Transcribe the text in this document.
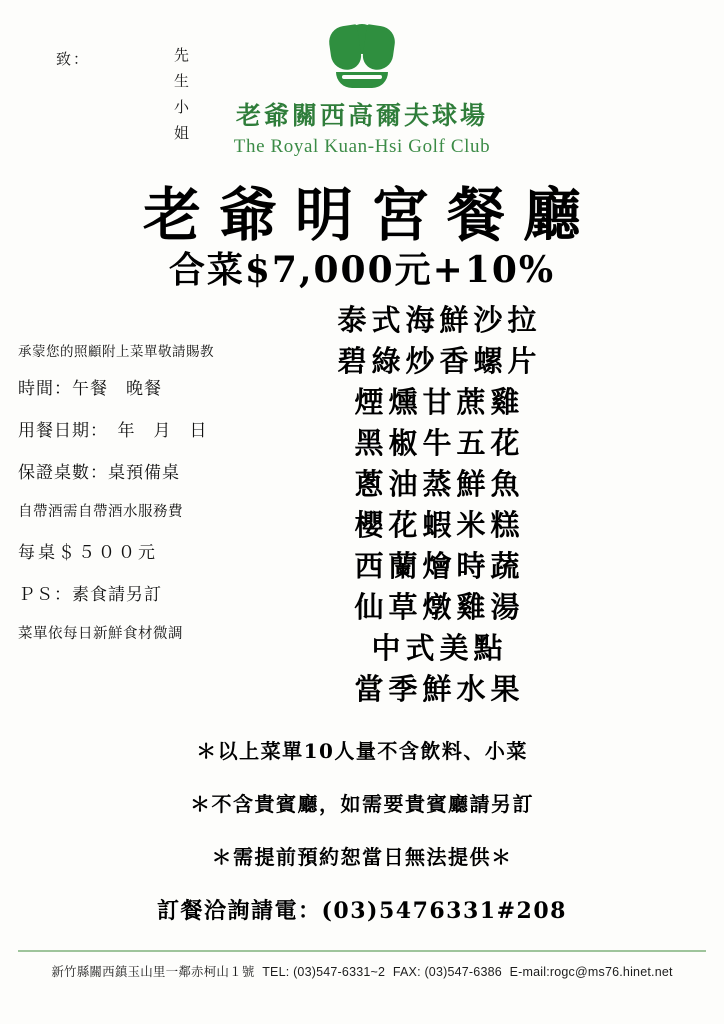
致：	先生
小姐
老爺關西高爾夫球場
The Royal Kuan-Hsi Golf Club
老爺明宮餐廳
合菜$7,000元+10%
承蒙您的照顧附上菜單敬請賜教
時間：午餐　晚餐
用餐日期：　年　月　日
保證桌數：桌預備桌
自帶酒需自帶酒水服務費
每桌＄５００元
ＰＳ：素食請另訂
菜單依每日新鮮食材微調
泰式海鮮沙拉
碧綠炒香螺片
煙燻甘蔗雞
黑椒牛五花
蔥油蒸鮮魚
櫻花蝦米糕
西蘭燴時蔬
仙草燉雞湯
中式美點
當季鮮水果
＊以上菜單10人量不含飲料、小菜
＊不含貴賓廳，如需要貴賓廳請另訂
＊需提前預約恕當日無法提供＊
訂餐洽詢請電：(03)5476331#208
新竹縣關西鎮玉山里一鄰赤柯山１號 TEL: (03)547-6331~2 FAX: (03)547-6386 E-mail:rogc@ms76.hinet.net
